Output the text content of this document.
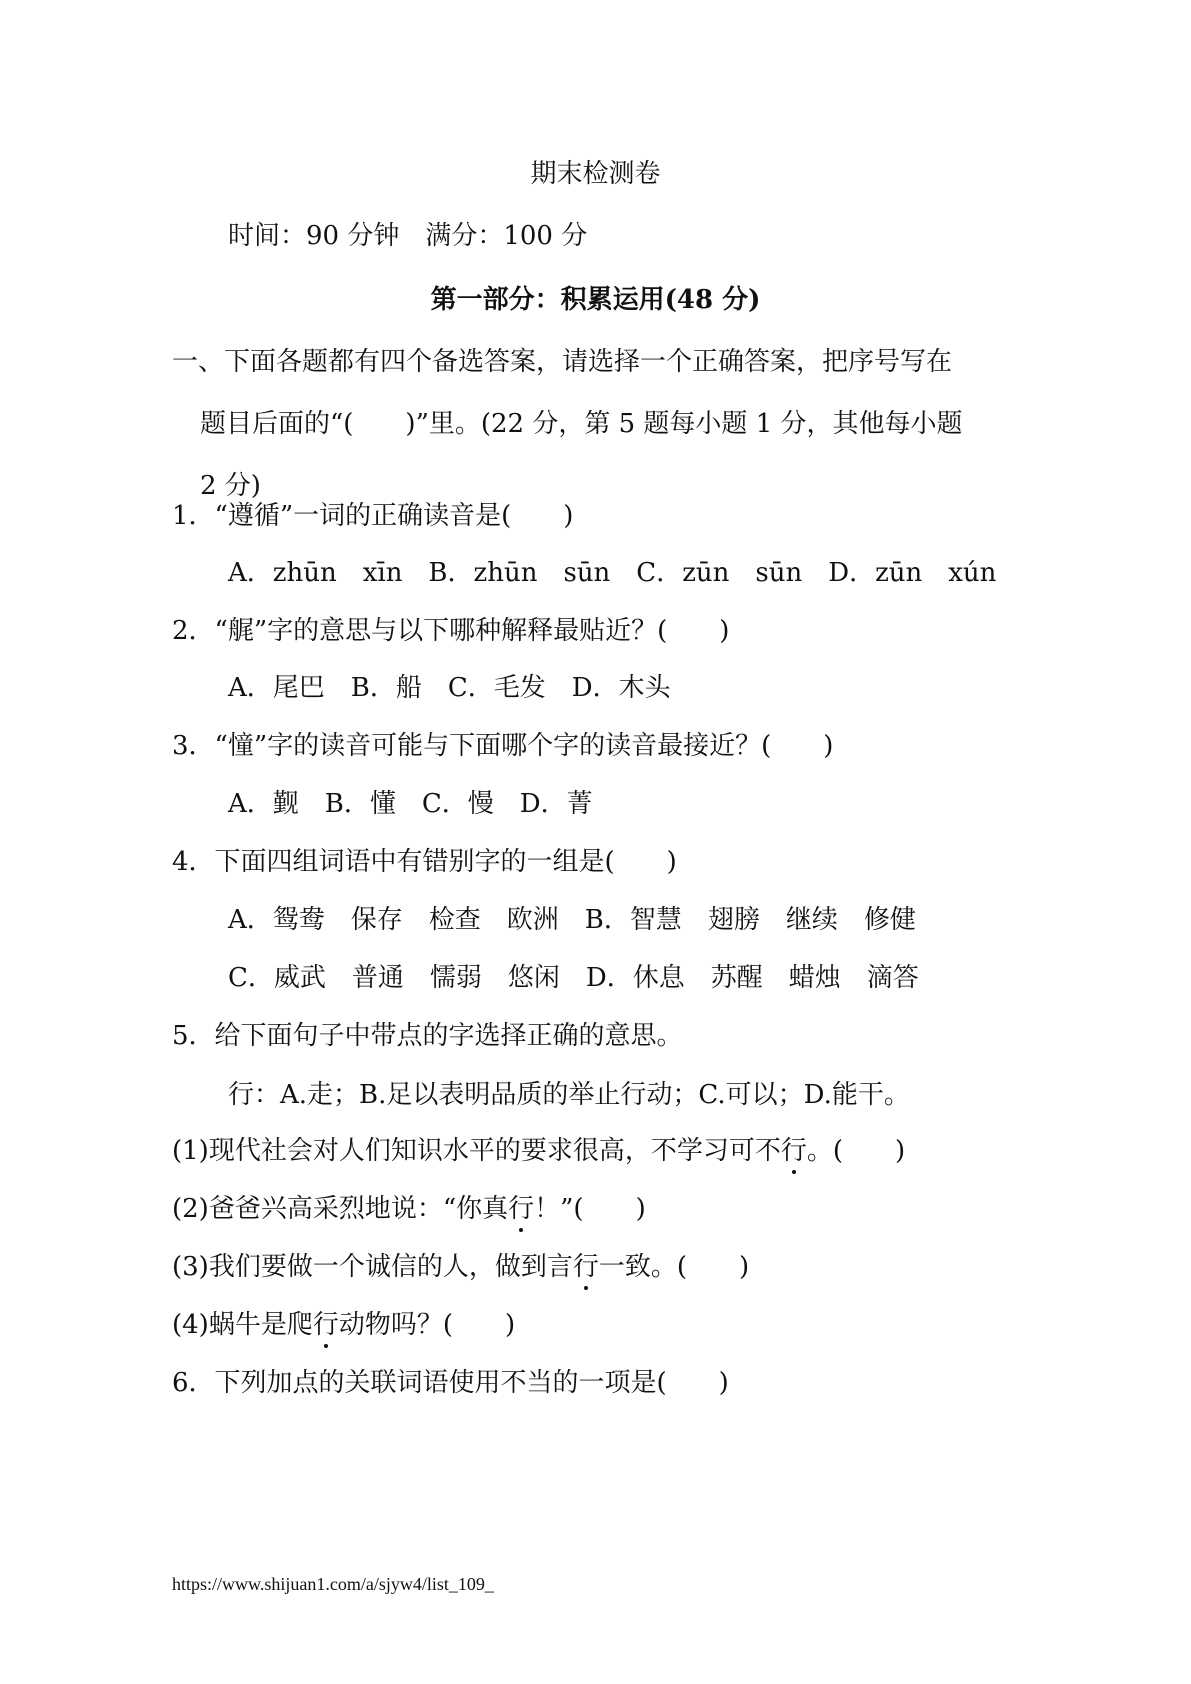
期末检测卷
时间：90 分钟　满分：100 分
第一部分：积累运用(48 分)
一、下面各题都有四个备选答案，请选择一个正确答案，把序号写在
题目后面的“(　　)”里。(22 分，第 5 题每小题 1 分，其他每小题
2 分)
1．“遵循”一词的正确读音是(　　)
A．zhūn　xīn　B．zhūn　sūn　C．zūn　sūn　D．zūn　xún
2．“艉”字的意思与以下哪种解释最贴近？(　　)
A．尾巴　B．船　C．毛发　D．木头
3．“憧”字的读音可能与下面哪个字的读音最接近？(　　)
A．觐　B．懂　C．慢　D．菁
4．下面四组词语中有错别字的一组是(　　)
A．鸳鸯　保存　检查　欧洲　B．智慧　翅膀　继续　修健
C．威武　普通　懦弱　悠闲　D．休息　苏醒　蜡烛　滴答
5．给下面句子中带点的字选择正确的意思。
行：A.走；B.足以表明品质的举止行动；C.可以；D.能干。
(1)现代社会对人们知识水平的要求很高，不学习可不行。(　　)
(2)爸爸兴高采烈地说：“你真行！”(　　)
(3)我们要做一个诚信的人，做到言行一致。(　　)
(4)蜗牛是爬行动物吗？(　　)
6．下列加点的关联词语使用不当的一项是(　　)
https://www.shijuan1.com/a/sjyw4/list_109_
